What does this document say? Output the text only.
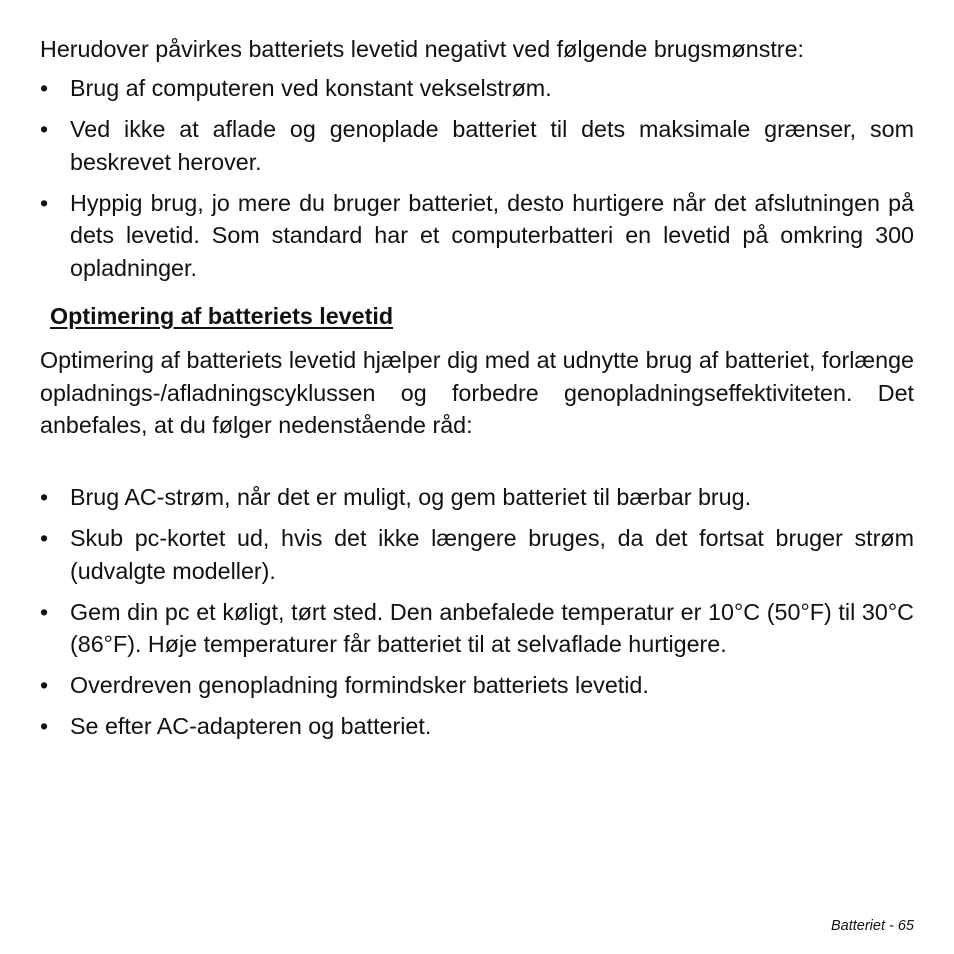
Herudover påvirkes batteriets levetid negativt ved følgende brugsmønstre:

• Brug af computeren ved konstant vekselstrøm.
• Ved ikke at aflade og genoplade batteriet til dets maksimale grænser, som beskrevet herover.
• Hyppig brug, jo mere du bruger batteriet, desto hurtigere når det afslutningen på dets levetid. Som standard har et computerbatteri en levetid på omkring 300 opladninger.
Optimering af batteriets levetid

Optimering af batteriets levetid hjælper dig med at udnytte brug af batteriet, forlænge opladnings-/afladningscyklussen og forbedre genopladningseffektiviteten. Det anbefales, at du følger nedenstående råd:

• Brug AC-strøm, når det er muligt, og gem batteriet til bærbar brug.
• Skub pc-kortet ud, hvis det ikke længere bruges, da det fortsat bruger strøm (udvalgte modeller).
• Gem din pc et køligt, tørt sted. Den anbefalede temperatur er 10°C (50°F) til 30°C (86°F). Høje temperaturer får batteriet til at selvaflade hurtigere.
• Overdreven genopladning formindsker batteriets levetid.
• Se efter AC-adapteren og batteriet.
Batteriet - 65
